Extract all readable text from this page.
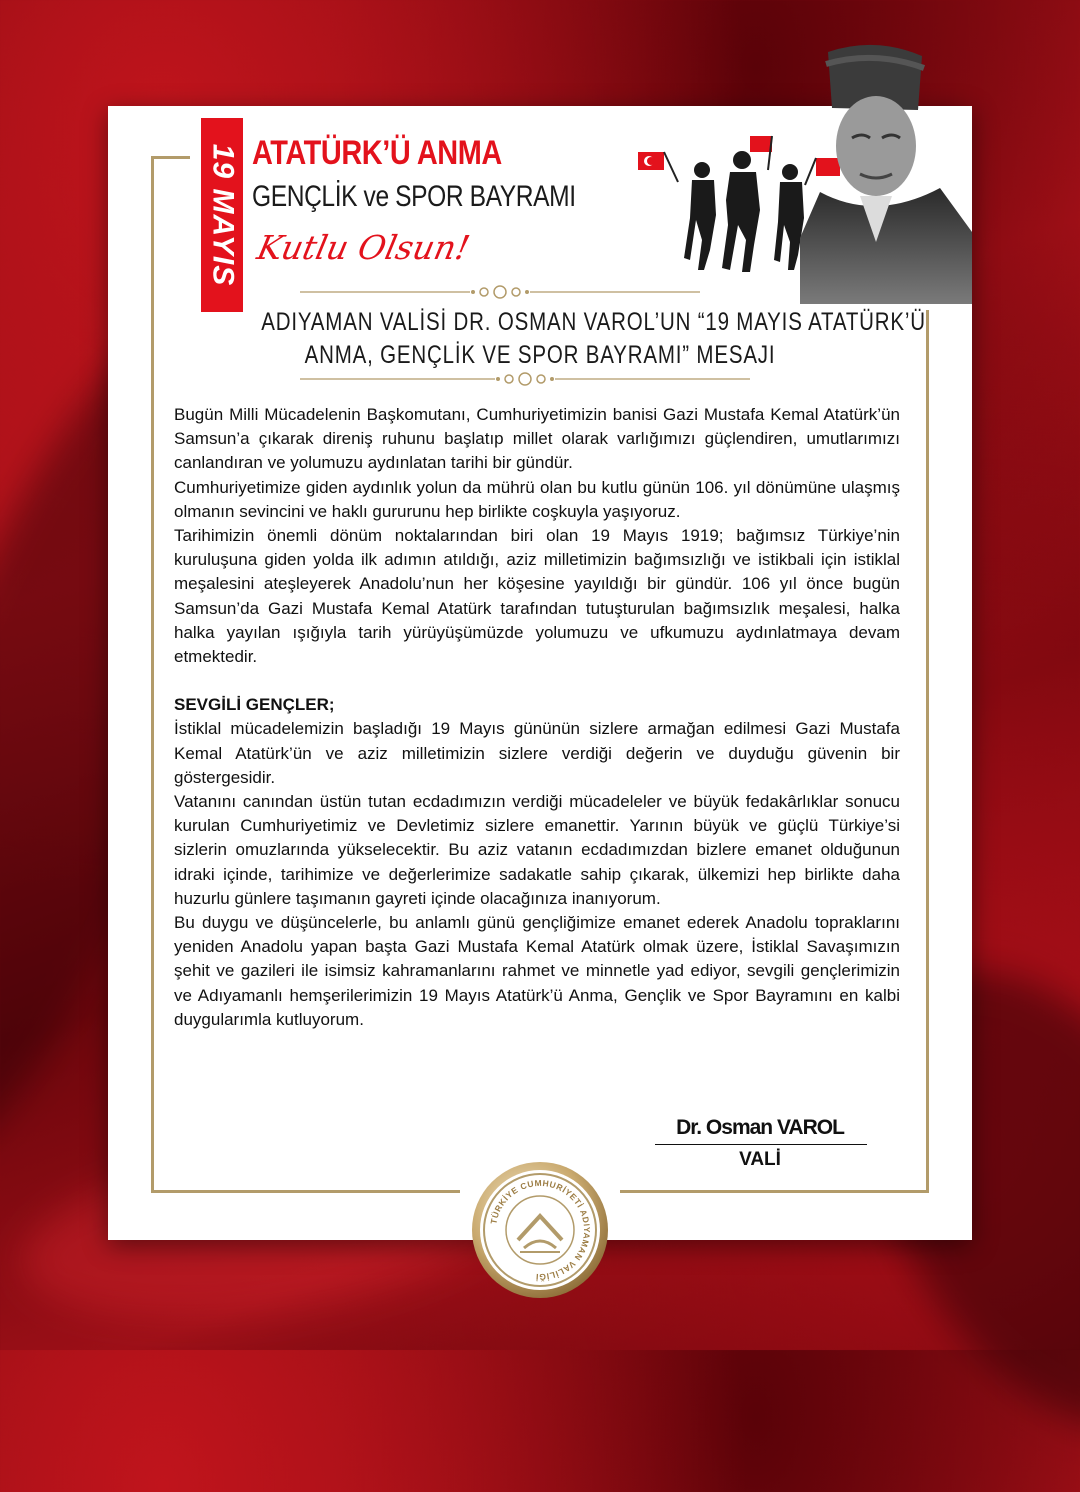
19 MAYIS ATATÜRK’Ü ANMA
GENÇLİK ve SPOR BAYRAMI
Kutlu Olsun!
ADIYAMAN VALİSİ DR. OSMAN VAROL’UN “19 MAYIS ATATÜRK’Ü
ANMA, GENÇLİK VE SPOR BAYRAMI” MESAJI

Bugün Milli Mücadelenin Başkomutanı, Cumhuriyetimizin banisi Gazi Mustafa Kemal Atatürk’ün Samsun’a çıkarak direniş ruhunu başlatıp millet olarak varlığımızı güçlendiren, umutlarımızı canlandıran ve yolumuzu aydınlatan tarihi bir gündür.

Cumhuriyetimize giden aydınlık yolun da mührü olan bu kutlu günün 106. yıl dönümüne ulaşmış olmanın sevincini ve haklı gururunu hep birlikte coşkuyla yaşıyoruz.

Tarihimizin önemli dönüm noktalarından biri olan 19 Mayıs 1919; bağımsız Türkiye’nin kuruluşuna giden yolda ilk adımın atıldığı, aziz milletimizin bağımsızlığı ve istikbali için istiklal meşalesini ateşleyerek Anadolu’nun her köşesine yayıldığı bir gündür. 106 yıl önce bugün Samsun’da Gazi Mustafa Kemal Atatürk tarafından tutuşturulan bağımsızlık meşalesi, halka halka yayılan ışığıyla tarih yürüyüşümüzde yolumuzu ve ufkumuzu aydınlatmaya devam etmektedir.

SEVGİLİ GENÇLER;

İstiklal mücadelemizin başladığı 19 Mayıs gününün sizlere armağan edilmesi Gazi Mustafa Kemal Atatürk’ün ve aziz milletimizin sizlere verdiği değerin ve duyduğu güvenin bir göstergesidir.

Vatanını canından üstün tutan ecdadımızın verdiği mücadeleler ve büyük fedakârlıklar sonucu kurulan Cumhuriyetimiz ve Devletimiz sizlere emanettir. Yarının büyük ve güçlü Türkiye’si sizlerin omuzlarında yükselecektir. Bu aziz vatanın ecdadımızdan bizlere emanet olduğunun idraki içinde, tarihimize ve değerlerimize sadakatle sahip çıkarak, ülkemizi hep birlikte daha huzurlu günlere taşımanın gayreti içinde olacağınıza inanıyorum.

Bu duygu ve düşüncelerle, bu anlamlı günü gençliğimize emanet ederek Anadolu topraklarını yeniden Anadolu yapan başta Gazi Mustafa Kemal Atatürk olmak üzere, İstiklal Savaşımızın şehit ve gazileri ile isimsiz kahramanlarını rahmet ve minnetle yad ediyor, sevgili gençlerimizin ve Adıyamanlı hemşerilerimizin 19 Mayıs Atatürk’ü Anma, Gençlik ve Spor Bayramını en kalbi duygularımla kutluyorum.

Dr. Osman VAROL
VALİ
TÜRKİYE CUMHURİYETİ ADIYAMAN VALİLİĞİ
